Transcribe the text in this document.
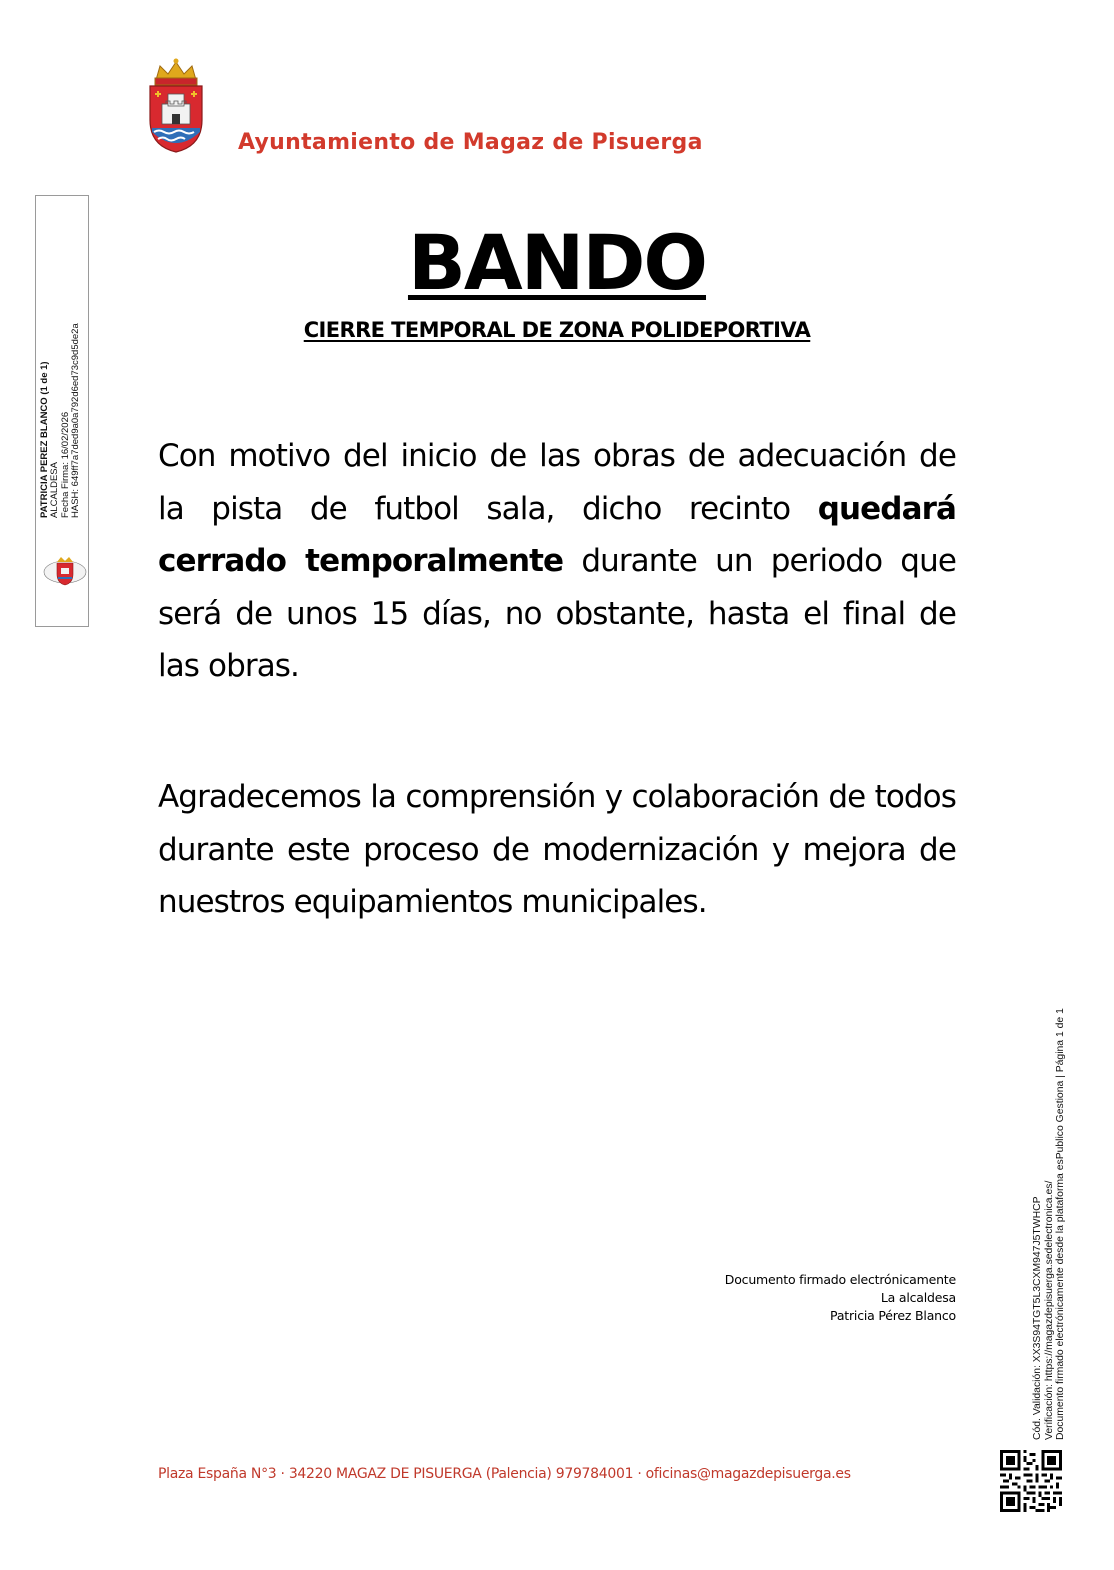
Ayuntamiento de Magaz de Pisuerga
PATRICIA PEREZ BLANCO (1 de 1) ALCALDESA Fecha Firma: 16/02/2026 HASH: 649ff7a7ded9a0a792d6ed73c9d5de2a
BANDO
CIERRE TEMPORAL DE ZONA POLIDEPORTIVA
Con motivo del inicio de las obras de adecuación de la pista de futbol sala, dicho recinto quedará cerrado temporalmente durante un periodo que será de unos 15 días, no obstante, hasta el final de las obras.
Agradecemos la comprensión y colaboración de todos durante este proceso de modernización y mejora de nuestros equipamientos municipales.
Documento firmado electrónicamente
La alcaldesa
Patricia Pérez Blanco	Cód. Validación: XX3S94TGT5L3CXM947J5TWHCP Verificación: https://magazdepisuerga.sedelectronica.es/ Documento firmado electrónicamente desde la plataforma esPublico Gestiona | Página 1 de 1
Plaza España N°3 · 34220 MAGAZ DE PISUERGA (Palencia) 979784001 · oficinas@magazdepisuerga.es
